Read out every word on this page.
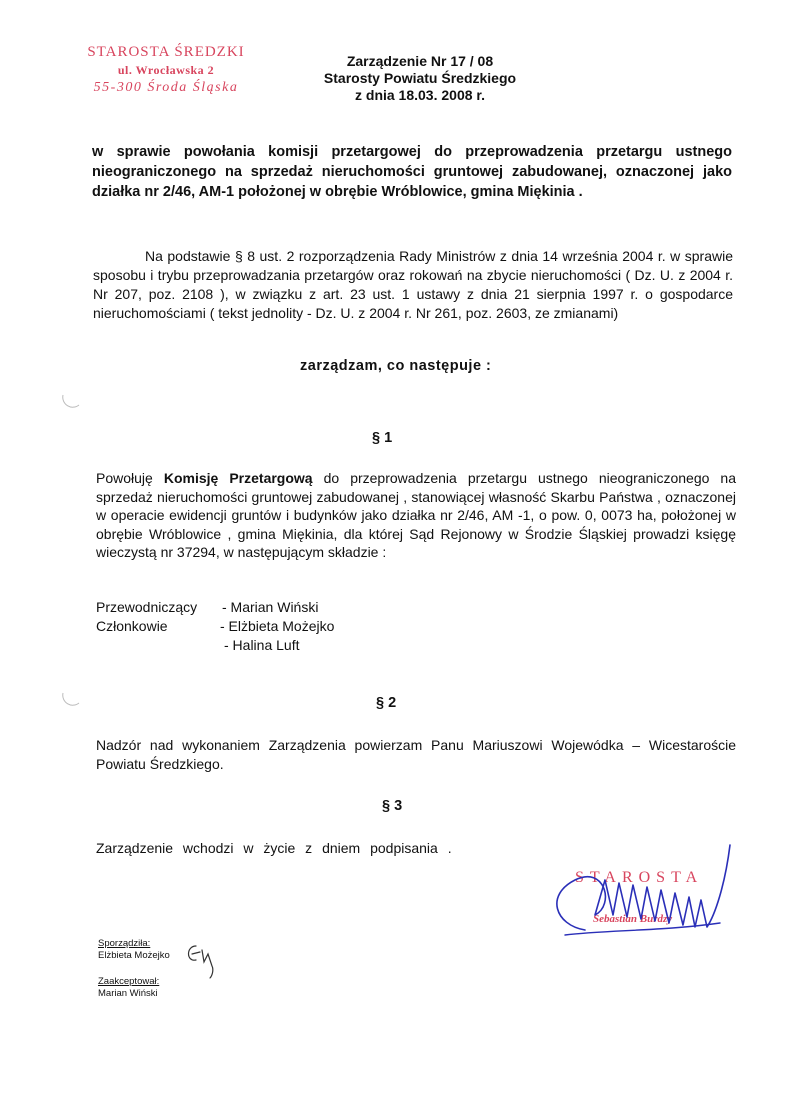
STAROSTA ŚREDZKI
ul. Wrocławska 2
55-300 Środa Śląska
Zarządzenie Nr 17 / 08
Starosty Powiatu Średzkiego
z dnia 18.03. 2008 r.
w sprawie powołania komisji przetargowej do przeprowadzenia przetargu ustnego nieograniczonego na sprzedaż nieruchomości gruntowej zabudowanej, oznaczonej jako działka nr 2/46, AM-1 położonej w obrębie Wróblowice, gmina Miękinia .
Na podstawie § 8 ust. 2 rozporządzenia Rady Ministrów z dnia 14 września 2004 r. w sprawie sposobu i trybu przeprowadzania przetargów oraz rokowań na zbycie nieruchomości ( Dz. U. z 2004 r. Nr 207, poz. 2108 ), w związku z art. 23 ust. 1 ustawy z dnia 21 sierpnia 1997 r. o gospodarce nieruchomościami ( tekst jednolity - Dz. U. z 2004 r. Nr 261, poz. 2603, ze zmianami)
zarządzam, co następuje :
§ 1
Powołuję Komisję Przetargową do przeprowadzenia przetargu ustnego nieograniczonego na sprzedaż nieruchomości gruntowej zabudowanej , stanowiącej własność Skarbu Państwa , oznaczonej w operacie ewidencji gruntów i budynków jako działka nr 2/46, AM -1, o pow. 0, 0073 ha, położonej w obrębie Wróblowice , gmina Miękinia, dla której Sąd Rejonowy w Środzie Śląskiej prowadzi księgę wieczystą nr 37294, w następującym składzie :
Przewodniczący - Marian Wiński
Członkowie	- Elżbieta Możejko
- Halina Luft
§ 2
Nadzór nad wykonaniem Zarządzenia powierzam Panu Mariuszowi Wojewódka – Wicestaroście Powiatu Średzkiego.
§ 3
Zarządzenie wchodzi w życie z dniem podpisania .
STAROSTA
Sebastian Burdzy
Sporządziła:
Elżbieta Możejko
Zaakceptował:
Marian Wiński
